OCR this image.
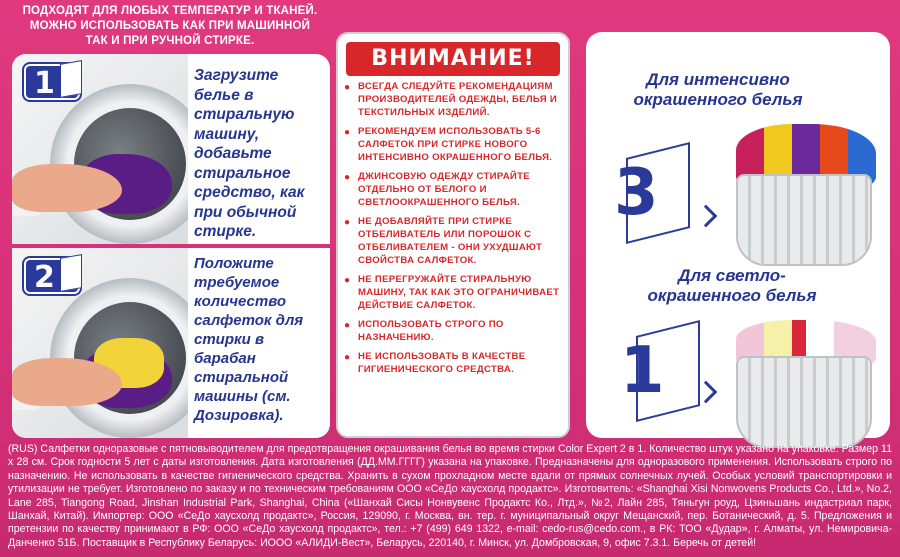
ПОДХОДЯТ ДЛЯ ЛЮБЫХ ТЕМПЕРАТУР И ТКАНЕЙ.
МОЖНО ИСПОЛЬЗОВАТЬ КАК ПРИ МАШИННОЙ
ТАК И ПРИ РУЧНОЙ СТИРКЕ.
1	Загрузите белье в стиральную машину, добавьте стиральное средство, как при обычной стирке.
2	Положите требуемое количество салфеток для стирки в барабан стиральной машины (см. Дозировка).
ВНИМАНИЕ!
● ВСЕГДА СЛЕДУЙТЕ РЕКОМЕНДАЦИЯМ ПРОИЗВОДИТЕЛЕЙ ОДЕЖДЫ, БЕЛЬЯ И ТЕКСТИЛЬНЫХ ИЗДЕЛИЙ.
● РЕКОМЕНДУЕМ ИСПОЛЬЗОВАТЬ 5-6 САЛФЕТОК ПРИ СТИРКЕ НОВОГО ИНТЕНСИВНО ОКРАШЕННОГО БЕЛЬЯ.
● ДЖИНСОВУЮ ОДЕЖДУ СТИРАЙТЕ ОТДЕЛЬНО ОТ БЕЛОГО И СВЕТЛООКРАШЕННОГО БЕЛЬЯ.
● НЕ ДОБАВЛЯЙТЕ ПРИ СТИРКЕ ОТБЕЛИВАТЕЛЬ ИЛИ ПОРОШОК С ОТБЕЛИВАТЕЛЕМ - ОНИ УХУДШАЮТ СВОЙСТВА САЛФЕТОК.
● НЕ ПЕРЕГРУЖАЙТЕ СТИРАЛЬНУЮ МАШИНУ, ТАК КАК ЭТО ОГРАНИЧИВАЕТ ДЕЙСТВИЕ САЛФЕТОК.
● ИСПОЛЬЗОВАТЬ СТРОГО ПО НАЗНАЧЕНИЮ.
● НЕ ИСПОЛЬЗОВАТЬ В КАЧЕСТВЕ ГИГИЕНИЧЕСКОГО СРЕДСТВА.
Для интенсивно окрашенного белья
3
Для светло-окрашенного белья
1
(RUS) Салфетки одноразовые с пятновыводителем для предотвращения окрашивания белья во время стирки Color Expert 2 в 1. Количество штук указано на упаковке. Размер 11 х 28 см. Срок годности 5 лет с даты изготовления. Дата изготовления (ДД.ММ.ГГГГ) указана на упаковке. Предназначены для одноразового применения. Использовать строго по назначению. Не использовать в качестве гигиенического средства. Хранить в сухом прохладном месте вдали от прямых солнечных лучей. Особых условий транспортировки и утилизации не требует. Изготовлено по заказу и по техническим требованиям ООО «СеДо хаусхолд продактс». Изготовитель: «Shanghai Xisi Nonwovens Products Co., Ltd.», No.2, Lane 285, Tiangong Road, Jinshan Industrial Park, Shanghai, China («Шанхай Сисы Нонвувенс Продактс Ко., Лтд.», №2, Лайн 285, Тяньгун роуд, Цзиньшань индастриал парк, Шанхай, Китай). Импортер: ООО «СеДо хаусхолд продактс», Россия, 129090, г. Москва, вн. тер. г. муниципальный округ Мещанский, пер. Ботанический, д. 5. Предложения и претензии по качеству принимают в РФ: ООО «СеДо хаусхолд продактс», тел.: +7 (499) 649 1322, e-mail: cedo-rus@cedo.com., в РК: ТОО «Дудар», г. Алматы, ул. Немировича-Данченко 51Б. Поставщик в Республику Беларусь: ИООО «АЛИДИ-Вест», Беларусь, 220140, г. Минск, ул. Домбровская, 9, офис 7.3.1. Беречь от детей!
